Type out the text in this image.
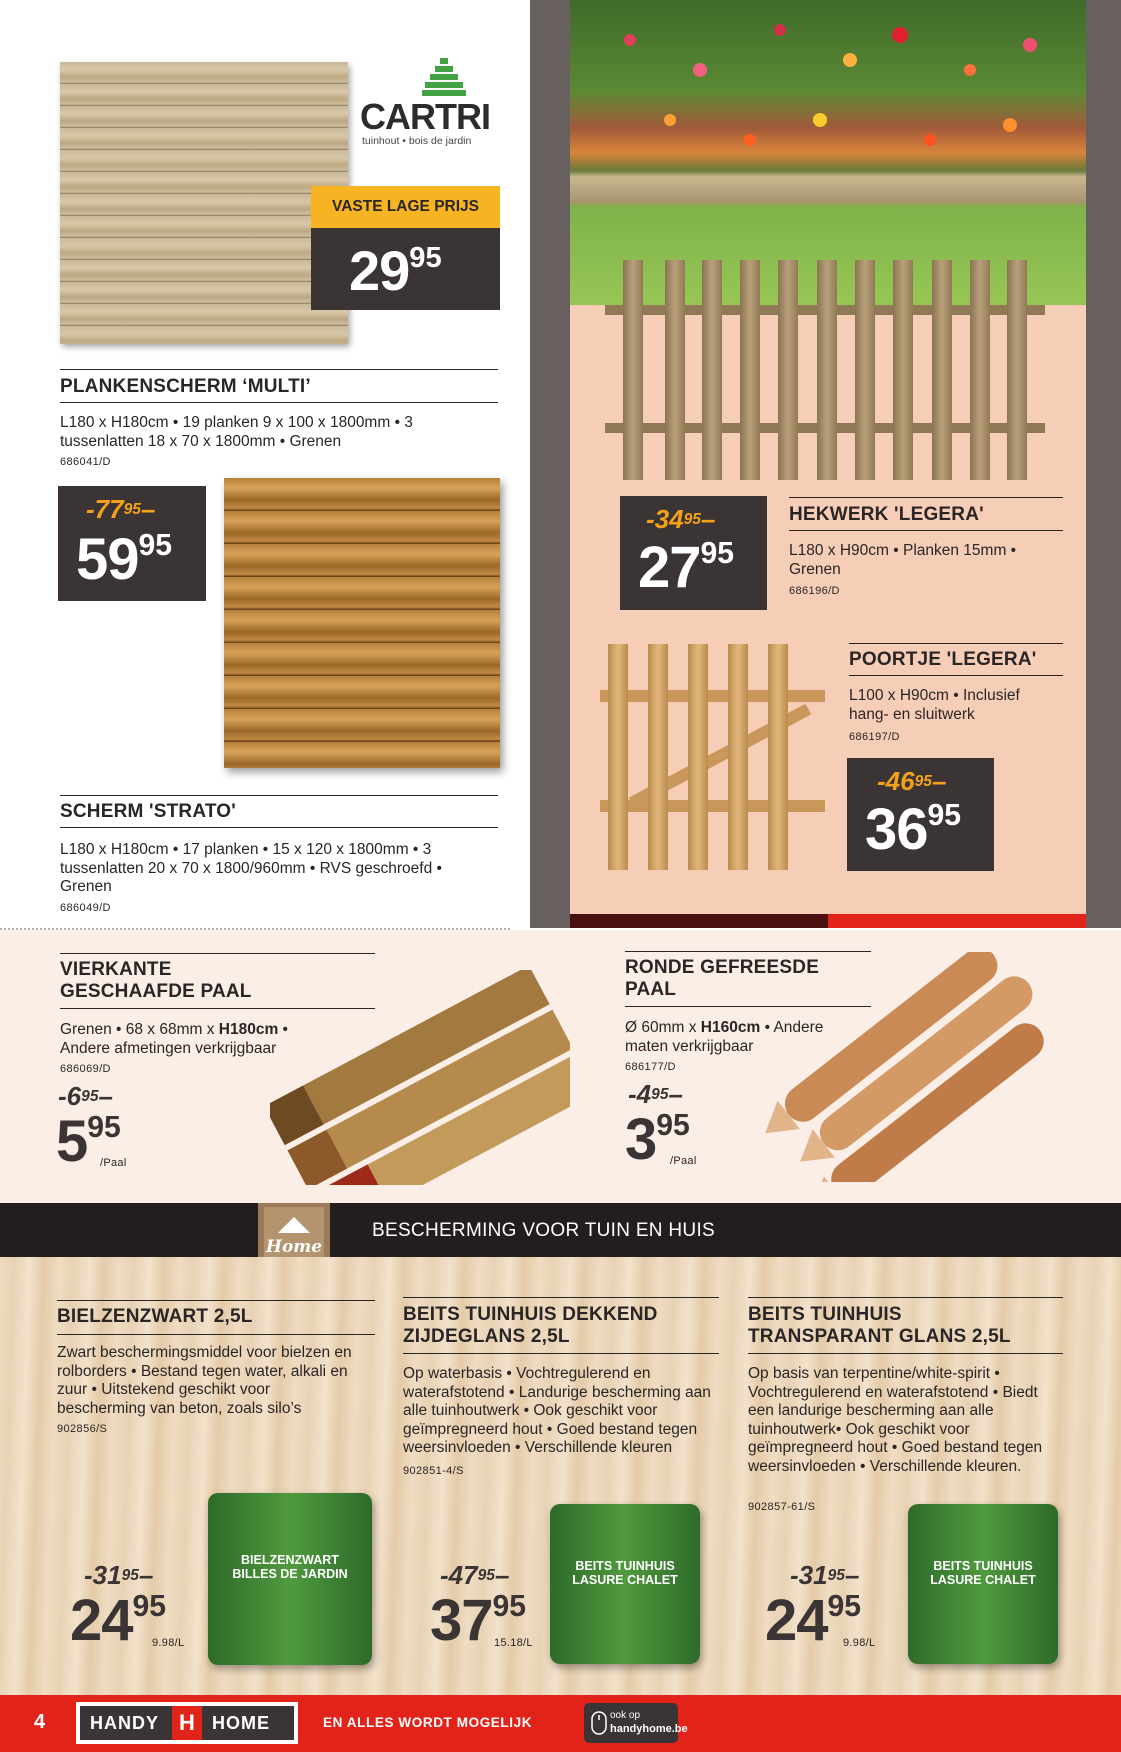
CARTRI
tuinhout • bois de jardin
VASTE LAGE PRIJS
$29^{95}$
PLANKENSCHERM ‘MULTI’
L180 x H180cm • 19 planken 9 x 100 x 1800mm • 3 tussenlatten 18 x 70 x 1800mm • Grenen
686041/D
$-77^{95}-$
$59^{95}$
SCHERM 'STRATO'
L180 x H180cm • 17 planken • 15 x 120 x 1800mm • 3 tussenlatten 20 x 70 x 1800/960mm • RVS geschroefd • Grenen
686049/D
$-34^{95}-$
$27^{95}$
HEKWERK 'LEGERA'
L180 x H90cm • Planken 15mm • Grenen
686196/D
POORTJE 'LEGERA'
L100 x H90cm • Inclusief hang- en sluitwerk
686197/D
$-46^{95}-$
$36^{95}$
VIERKANTE
GESCHAAFDE PAAL
Grenen • 68 x 68mm x H180cm • Andere afmetingen verkrijgbaar
686069/D
$-6^{95}-$
$5^{95}$
/Paal
RONDE GEFREESDE
PAAL
Ø 60mm x H160cm • Andere maten verkrijgbaar
686177/D
$-4^{95}-$
$3^{95}$
/Paal
BESCHERMING VOOR TUIN EN HUIS
Home
BIELZENZWART 2,5L
Zwart beschermingsmiddel voor bielzen en rolborders • Bestand tegen water, alkali en zuur • Uitstekend geschikt voor bescherming van beton, zoals silo’s
902856/S
BIELZENZWART
BILLES DE JARDIN
$-31^{95}-$
$24^{95}$
9.98/L
BEITS TUINHUIS DEKKEND
ZIJDEGLANS 2,5L
Op waterbasis • Vochtregulerend en waterafstotend • Landurige bescherming aan alle tuinhoutwerk • Ook geschikt voor geïmpregneerd hout • Goed bestand tegen weersinvloeden • Verschillende kleuren
902851-4/S
BEITS TUINHUIS
LASURE CHALET
$-47^{95}-$
$37^{95}$
15.18/L
BEITS TUINHUIS
TRANSPARANT GLANS 2,5L
Op basis van terpentine/white-spirit • Vochtregulerend en waterafstotend • Biedt een landurige bescherming aan alle tuinhoutwerk• Ook geschikt voor geïmpregneerd hout • Goed bestand tegen weersinvloeden • Verschillende kleuren.
902857-61/S
BEITS TUINHUIS
LASURE CHALET
$-31^{95}-$
$24^{95}$
9.98/L
4 HANDY H HOME	EN ALLES WORDT MOGELIJK	ook op
handyhome.be
